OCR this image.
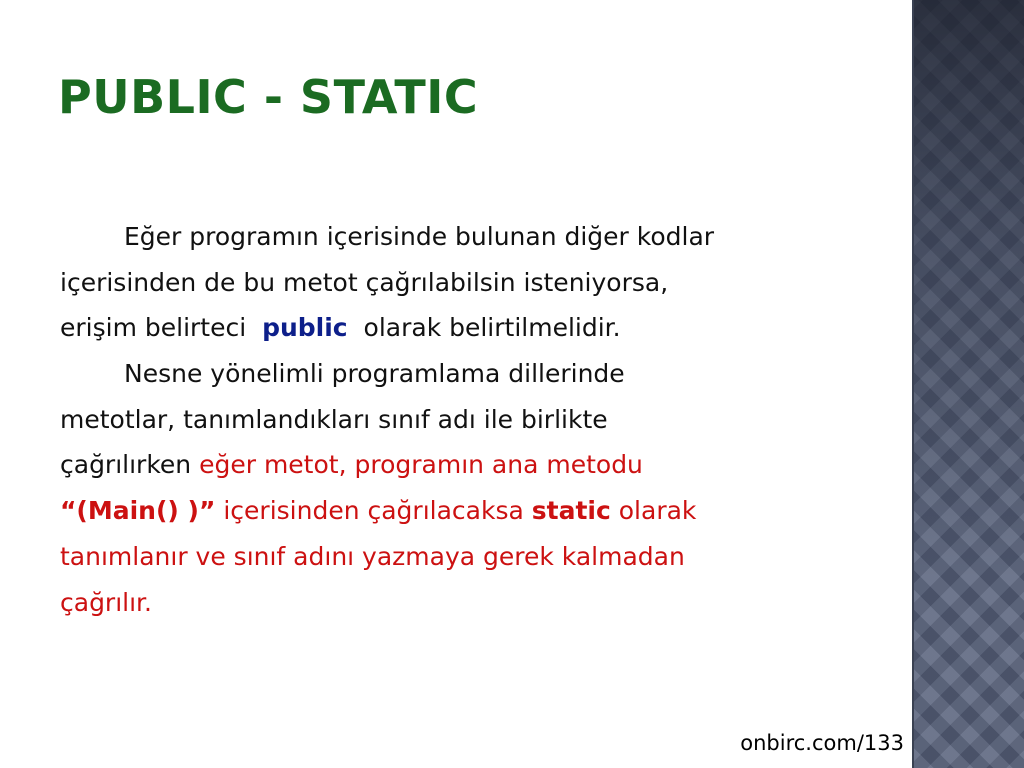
PUBLIC - STATIC
Eğer programın içerisinde bulunan diğer kodlar
içerisinden de bu metot çağrılabilsin isteniyorsa,
erişim belirteci public olarak belirtilmelidir.
Nesne yönelimli programlama dillerinde
metotlar, tanımlandıkları sınıf adı ile birlikte
çağrılırken eğer metot, programın ana metodu
“(Main() )” içerisinden çağrılacaksa static olarak
tanımlanır ve sınıf adını yazmaya gerek kalmadan
çağrılır.
onbirc.com/133
